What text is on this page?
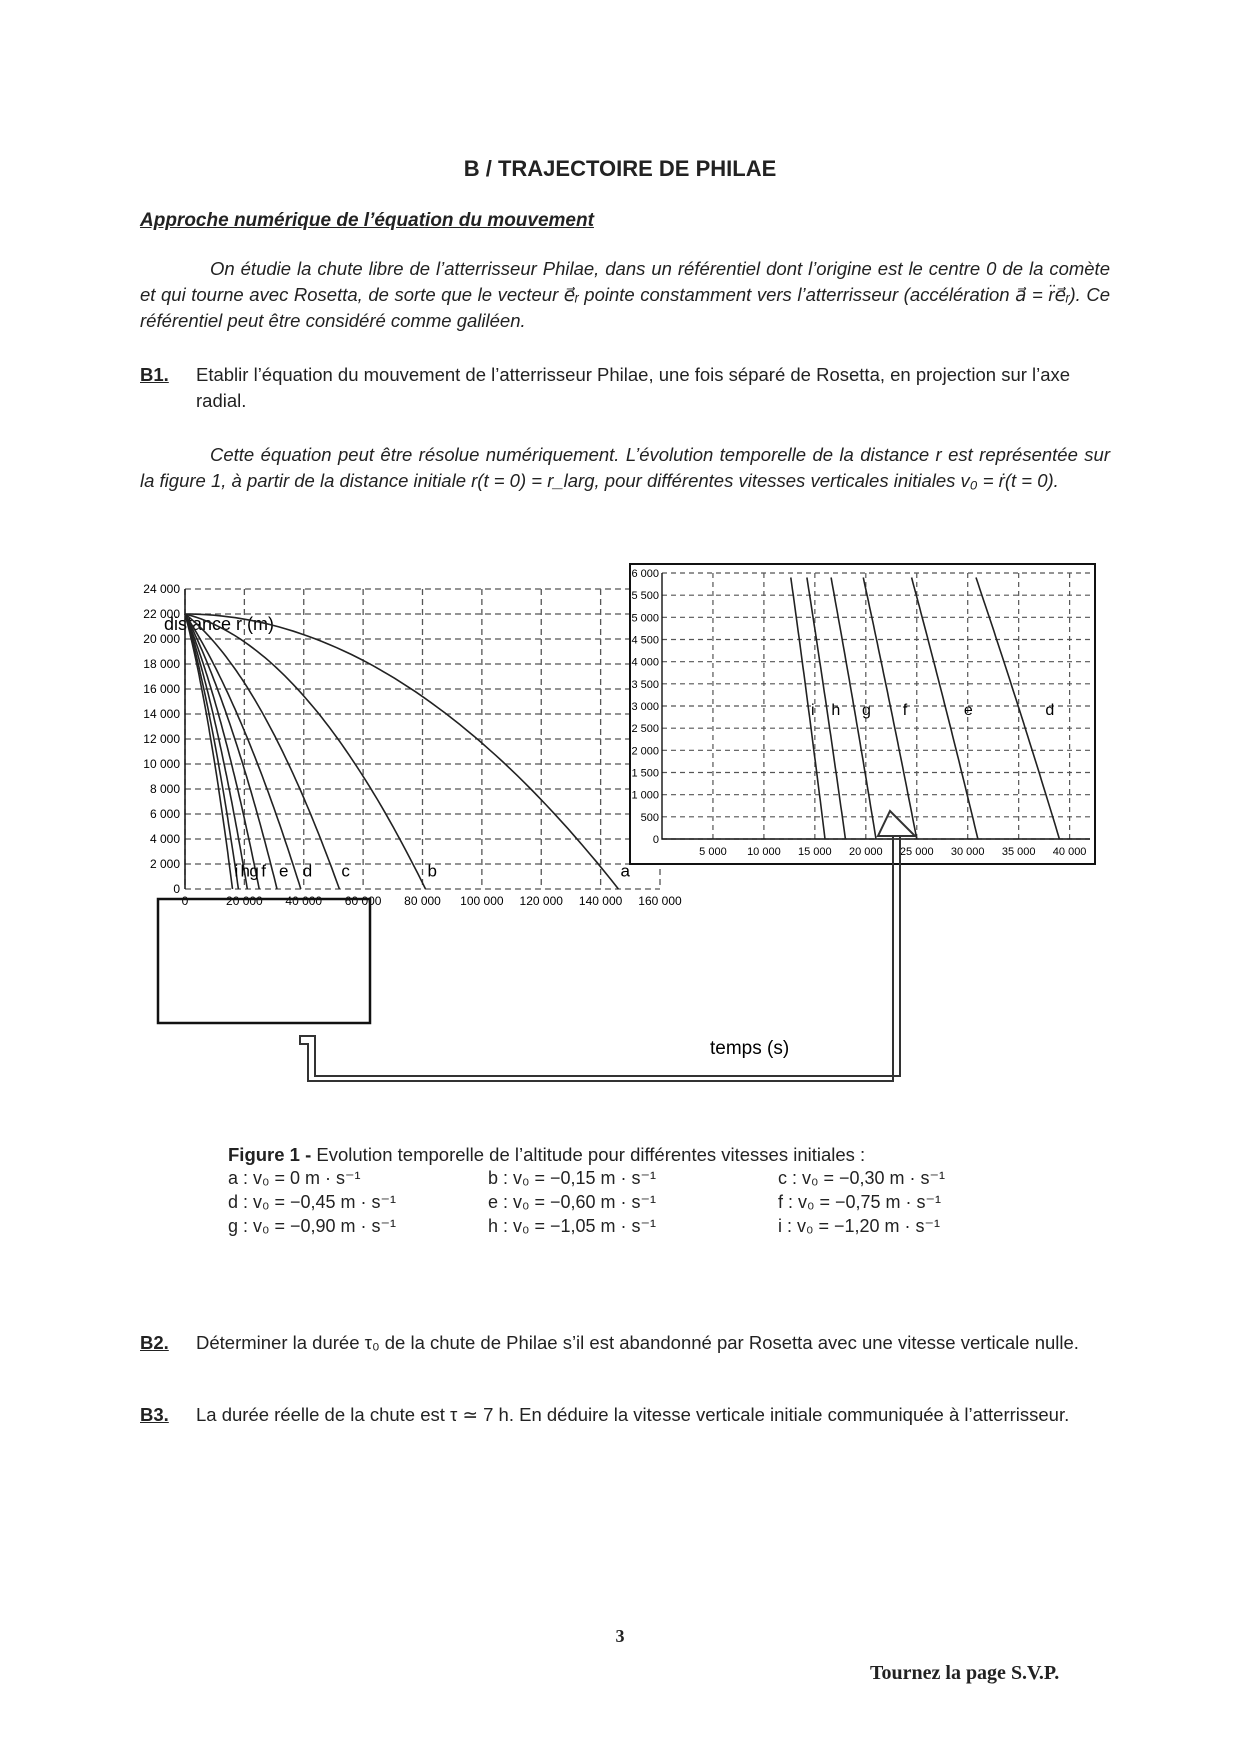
B / TRAJECTOIRE DE PHILAE
Approche numérique de l’équation du mouvement
On étudie la chute libre de l’atterrisseur Philae, dans un référentiel dont l’origine est le centre 0 de la comète et qui tourne avec Rosetta, de sorte que le vecteur e⃗ᵣ pointe constamment vers l’atterrisseur (accélération a⃗ = r̈e⃗ᵣ). Ce référentiel peut être considéré comme galiléen.
B1. Etablir l’équation du mouvement de l’atterrisseur Philae, une fois séparé de Rosetta, en projection sur l’axe radial.
Cette équation peut être résolue numériquement. L’évolution temporelle de la distance r est représentée sur la figure 1, à partir de la distance initiale r(t = 0) = r_larg, pour différentes vitesses verticales initiales v₀ = ṙ(t = 0).
distance r (m)
0
2 000
4 000
6 000
8 000
10 000
12 000
14 000
16 000
18 000
20 000
22 000
24 000
0	20 000 40 000 60 000 80 000 100 000 120 000 140 000 160 000
a
b
c
d
e
f
g
h
i
temps (s)
0
500
1 000
1 500
2 000
2 500
3 000
3 500
4 000
4 500
5 000
5 500
6 000
5 000 10 000 15 000 20 000 25 000 30 000 35 000 40 000
d
e
f
g
h
i
Figure 1 - Evolution temporelle de l’altitude pour différentes vitesses initiales :
a : v₀ = 0 m · s⁻¹	b : v₀ = −0,15 m · s⁻¹	c : v₀ = −0,30 m · s⁻¹
d : v₀ = −0,45 m · s⁻¹	e : v₀ = −0,60 m · s⁻¹	f : v₀ = −0,75 m · s⁻¹
g : v₀ = −0,90 m · s⁻¹	h : v₀ = −1,05 m · s⁻¹	i : v₀ = −1,20 m · s⁻¹
B2. Déterminer la durée τ₀ de la chute de Philae s’il est abandonné par Rosetta avec une vitesse verticale nulle.
B3. La durée réelle de la chute est τ ≃ 7 h. En déduire la vitesse verticale initiale communiquée à l’atterrisseur.
3
Tournez la page S.V.P.
